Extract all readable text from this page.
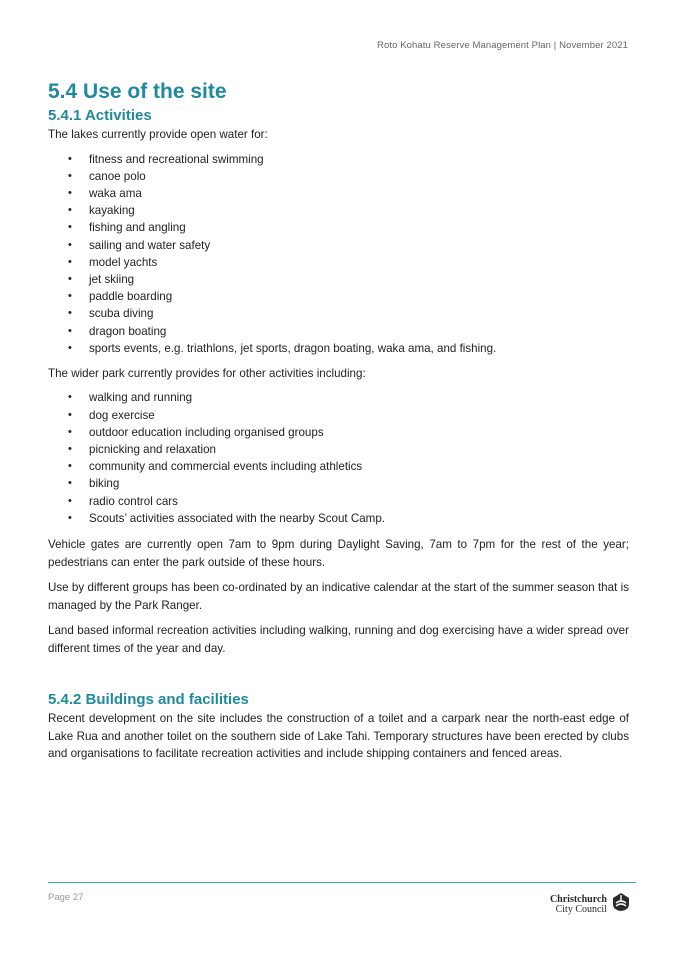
Roto Kohatu Reserve Management Plan | November 2021
5.4 Use of the site
5.4.1 Activities

The lakes currently provide open water for:

• fitness and recreational swimming
• canoe polo
• waka ama
• kayaking
• fishing and angling
• sailing and water safety
• model yachts
• jet skiing
• paddle boarding
• scuba diving
• dragon boating
• sports events, e.g. triathlons, jet sports, dragon boating, waka ama, and fishing.

The wider park currently provides for other activities including:

• walking and running
• dog exercise
• outdoor education including organised groups
• picnicking and relaxation
• community and commercial events including athletics
• biking
• radio control cars
• Scouts’ activities associated with the nearby Scout Camp.

Vehicle gates are currently open 7am to 9pm during Daylight Saving, 7am to 7pm for the rest of the year; pedestrians can enter the park outside of these hours.

Use by different groups has been co-ordinated by an indicative calendar at the start of the summer season that is managed by the Park Ranger.

Land based informal recreation activities including walking, running and dog exercising have a wider spread over different times of the year and day.

5.4.2 Buildings and facilities

Recent development on the site includes the construction of a toilet and a carpark near the north-east edge of Lake Rua and another toilet on the southern side of Lake Tahi. Temporary structures have been erected by clubs and organisations to facilitate recreation activities and include shipping containers and fenced areas.

Page 27	Christchurch
City Council
